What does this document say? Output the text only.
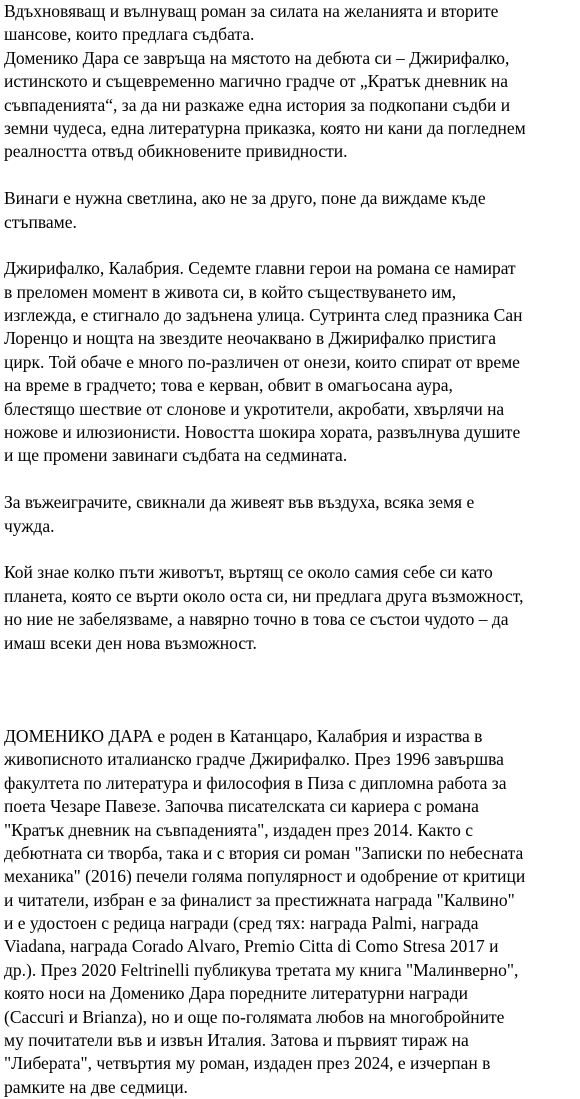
Вдъхновяващ и вълнуващ роман за силата на желанията и вторите
шансове, които предлага съдбата.
Доменико Дара се завръща на мястото на дебюта си – Джирифалко,
истинското и същевременно магично градче от „Кратък дневник на
съвпаденията“, за да ни разкаже една история за подкопани съдби и
земни чудеса, една литературна приказка, която ни кани да погледнем
реалността отвъд обикновените привидности.
Винаги е нужна светлина, ако не за друго, поне да виждаме къде
стъпваме.
Джирифалко, Калабрия. Седемте главни герои на романа се намират
в преломен момент в живота си, в който съществуването им,
изглежда, е стигнало до задънена улица. Сутринта след празника Сан
Лоренцо и нощта на звездите неочаквано в Джирифалко пристига
цирк. Той обаче е много по-различен от онези, които спират от време
на време в градчето; това е керван, обвит в омагьосана аура,
блестящо шествие от слонове и укротители, акробати, хвърлячи на
ножове и илюзионисти. Новостта шокира хората, развълнува душите
и ще промени завинаги съдбата на седмината.
За въжеиграчите, свикнали да живеят във въздуха, всяка земя е
чужда.
Кой знае колко пъти животът, въртящ се около самия себе си като
планета, която се върти около оста си, ни предлага друга възможност,
но ние не забелязваме, а навярно точно в това се състои чудото – да
имаш всеки ден нова възможност.
ДОМЕНИКО ДАРА е роден в Катанцаро, Калабрия и израства в
живописното италианско градче Джирифалко. През 1996 завършва
факултета по литература и философия в Пиза с дипломна работа за
поета Чезаре Павезе. Започва писателската си кариера с романа
"Кратък дневник на съвпаденията", издаден през 2014. Както с
дебютната си творба, така и с втория си роман "Записки по небесната
механика" (2016) печели голяма популярност и одобрение от критици
и читатели, избран е за финалист за престижната награда "Калвино"
и е удостоен с редица награди (сред тях: награда Palmi, награда
Viadana, награда Corado Alvaro, Premio Citta di Como Stresa 2017 и
др.). През 2020 Feltrinelli публикува третата му книга "Малинверно",
която носи на Доменико Дара поредните литературни награди
(Caccuri и Brianza), но и още по-голямата любов на многобройните
му почитатели във и извън Италия. Затова и първият тираж на
"Либерата", четвъртия му роман, издаден през 2024, е изчерпан в
рамките на две седмици.
